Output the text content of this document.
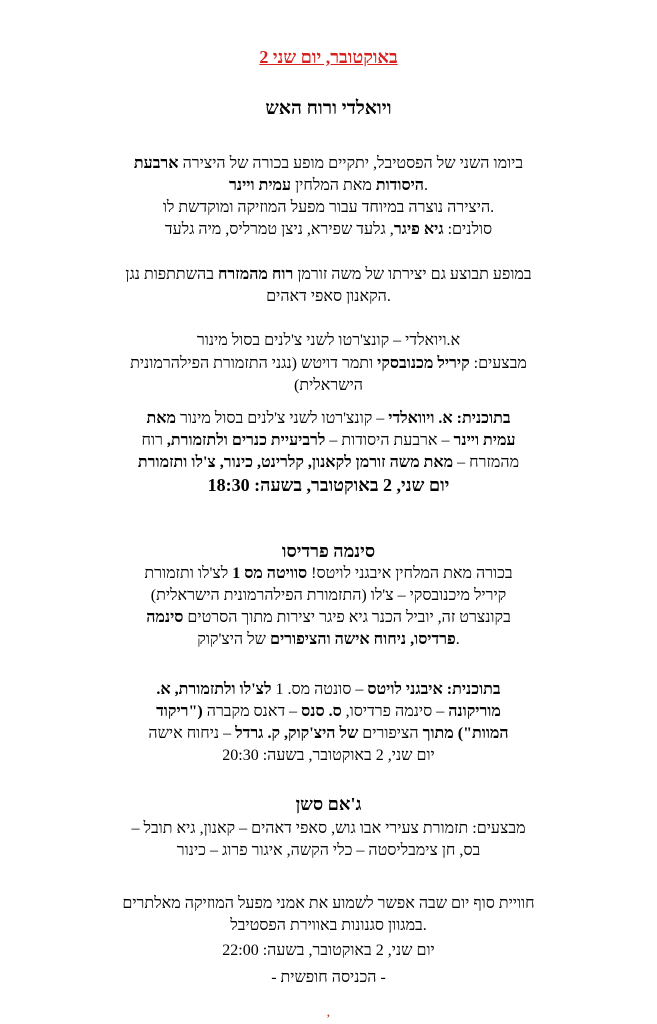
באוקטובר, יום שני 2
ויואלדי ורוח האש
ביומו השני של הפסטיבל, יתקיים מופע בכורה של היצירה ארבעת
.היסודות מאת המלחין עמית ויינר
.היצירה נוצרה במיוחד עבור מפעל המוזיקה ומוקדשת לו
סולנים: גיא פיגר, גלעד שפירא, ניצן טמרליס, מיה גלעד
במופע תבוצע גם יצירתו של משה זורמן רוח מהמזרח בהשתתפות נגן
.הקאנון סאפי דאהים
א.ויואלדי – קונצ'רטו לשני צ'לנים בסול מינור
מבצעים: קיריל מכנובסקי ותמר דויטש (נגני התזמורת הפילהרמונית
הישראלית)
בתוכנית: א. ויוואלדי – קונצ'רטו לשני צ'לנים בסול מינור מאת
עמית ויינר – ארבעת היסודות – לרביעיית כנרים ולתזמורת, רוח
מהמזרח – מאת משה זורמן לקאנון, קלרינט, כינור, צ'לו ותזמורת
יום שני, 2 באוקטובר, בשעה: 18:30
סינמה פרדיסו
בכורה מאת המלחין איבגני לויטס! סוויטה מס 1 לצ'לו ותזמורת
קיריל מיכנובסקי – צ'לו (התזמורת הפילהרמונית הישראלית)
בקונצרט זה, יוביל הכנר גיא פיגר יצירות מתוך הסרטים סינמה
.פרדיסו, ניחוח אישה והציפורים של היצ'קוק
בתוכנית: איבגני לויטס – סונטה מס. 1 לצ'לו ולתזמורת, א.
מוריקונה – סינמה פרדיסו, ס. סנס – דאנס מקברה ("ריקוד
המוות") מתוך הציפורים של היצ'קוק, ק. גרדל – ניחוח אישה
יום שני, 2 באוקטובר, בשעה: 20:30
ג'אם סשן
מבצעים: תזמורת צעירי אבו גוש, סאפי דאהים – קאנון, גיא תובל –
בס, חן צימבליסטה – כלי הקשה, איגור פרוג – כינור
חוויית סוף יום שבה אפשר לשמוע את אמני מפעל המוזיקה מאלתרים
.במגוון סגנונות באווירת הפסטיבל
יום שני, 2 באוקטובר, בשעה: 22:00
- הכניסה חופשית -
,
